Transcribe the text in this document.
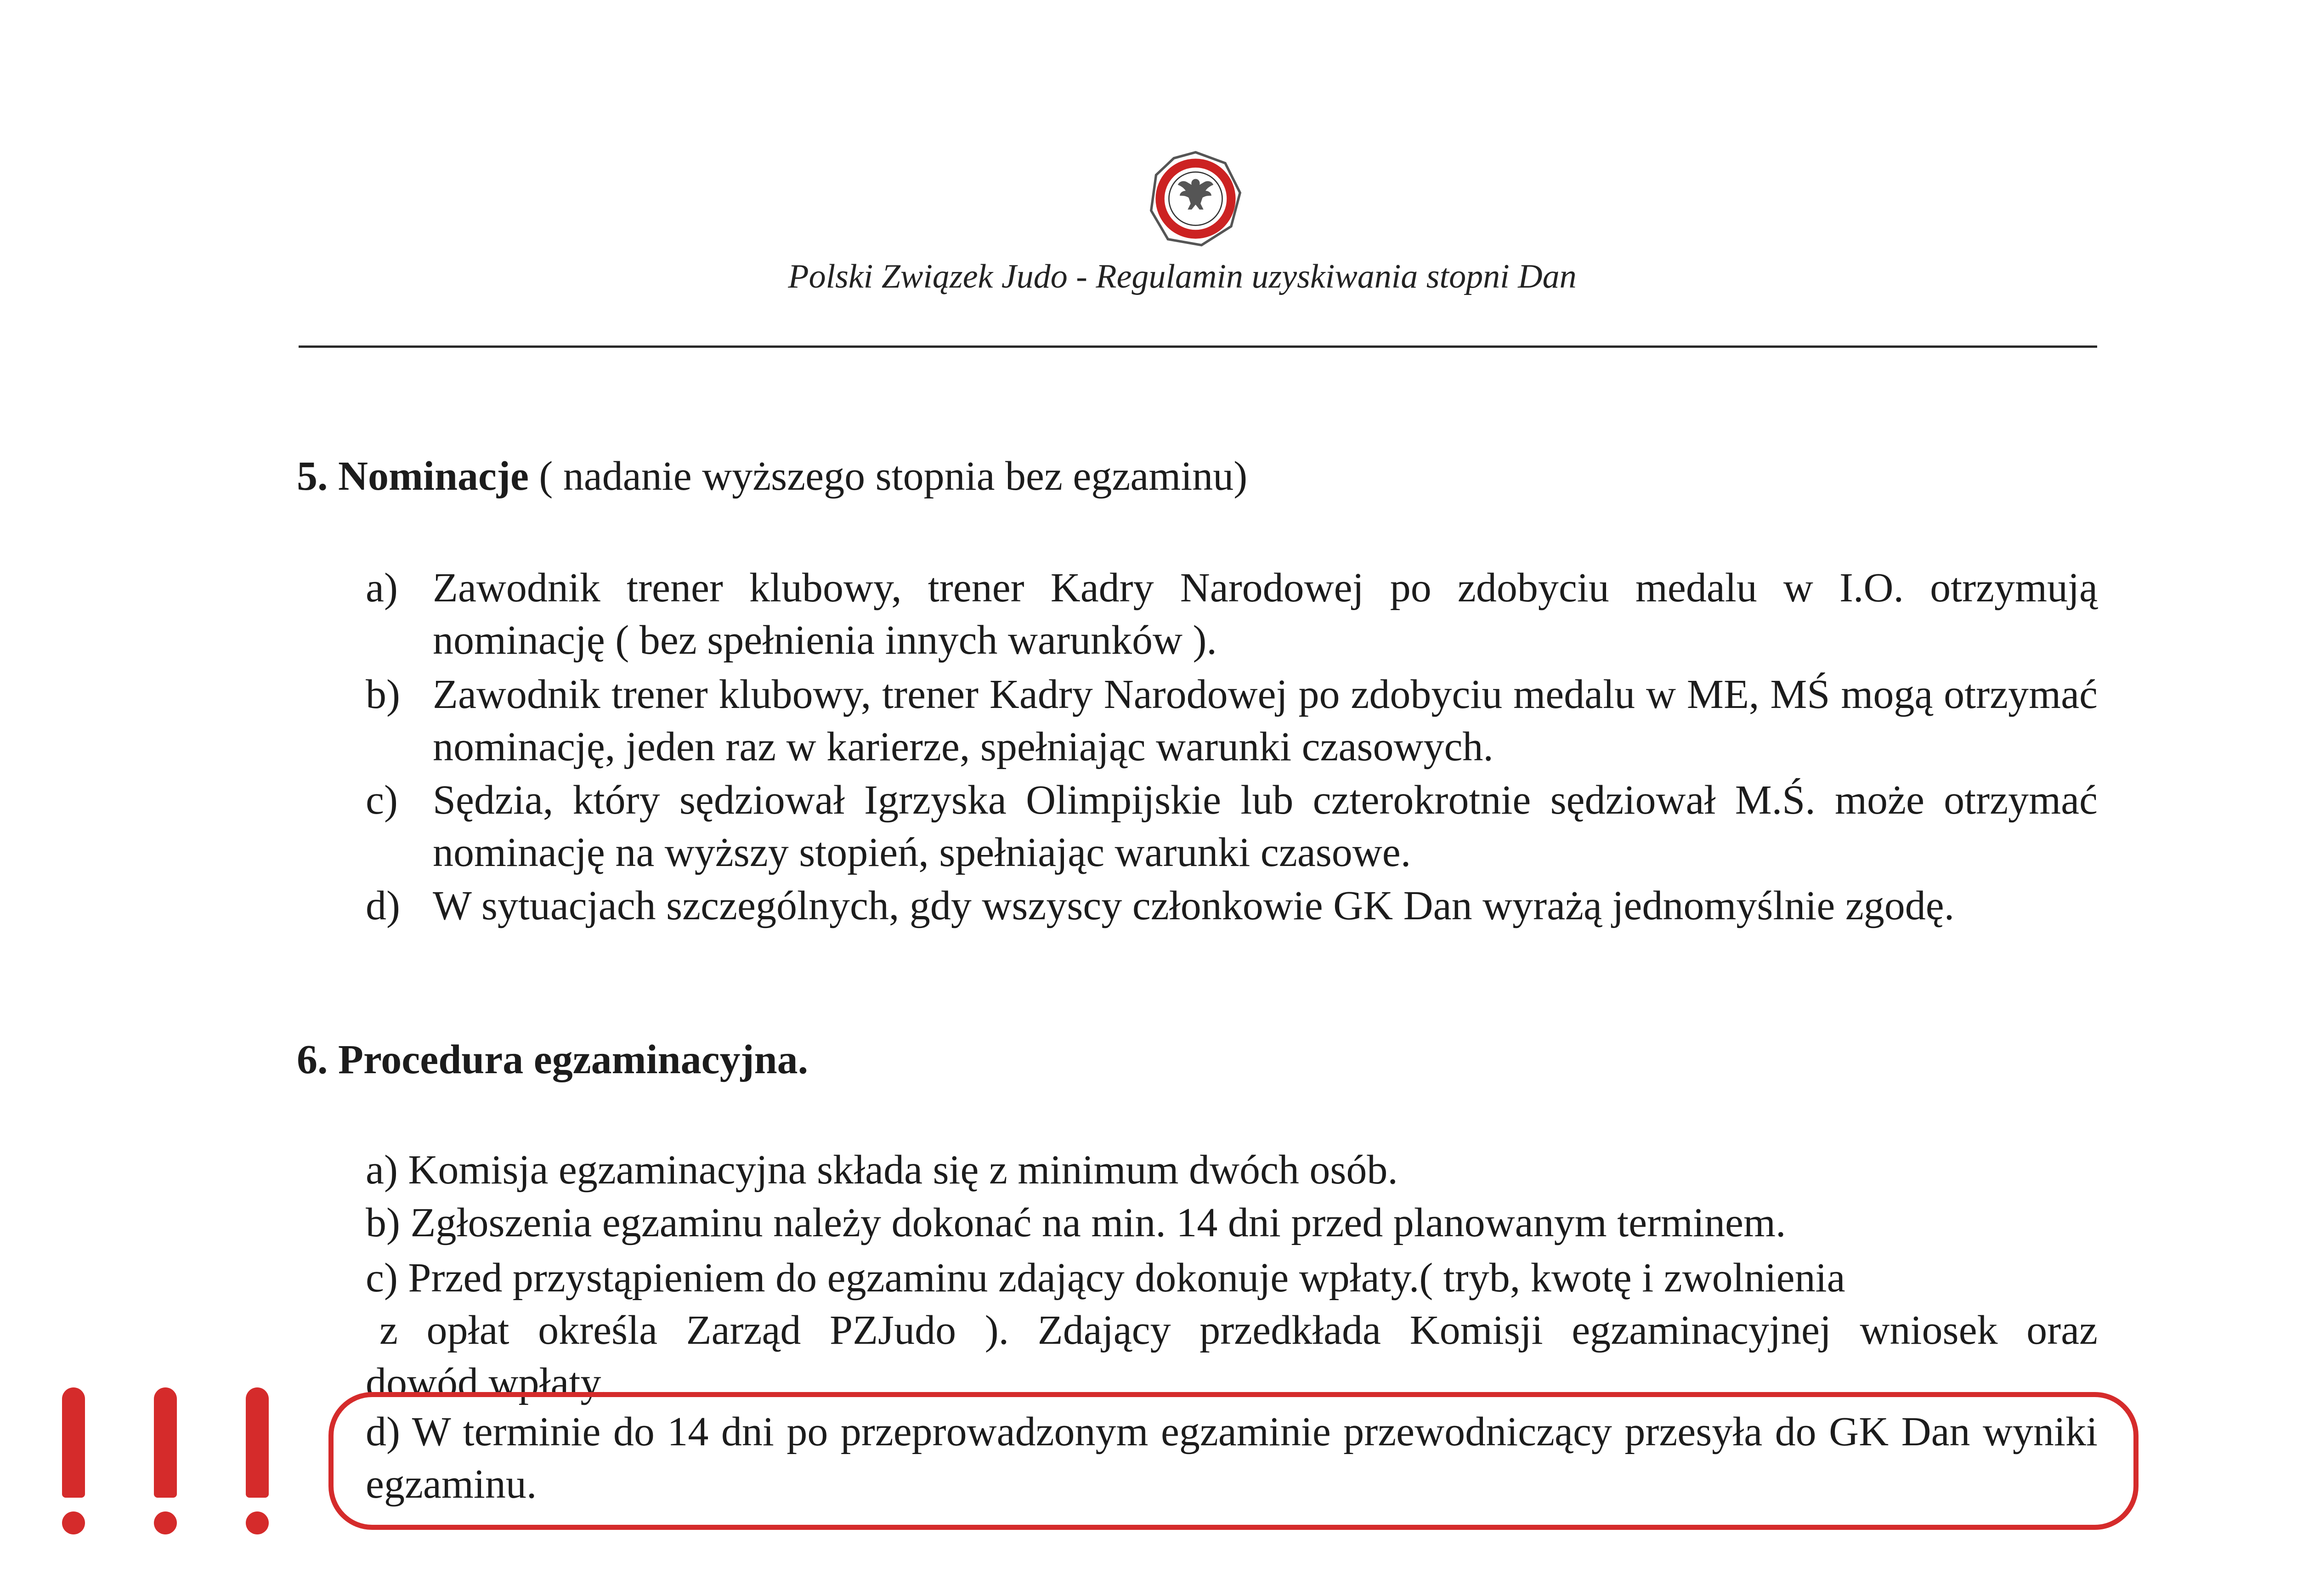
Polski Związek Judo - Regulamin uzyskiwania stopni Dan
5. Nominacje ( nadanie wyższego stopnia bez egzaminu)
a) Zawodnik trener klubowy, trener Kadry Narodowej po zdobyciu medalu w I.O. otrzymują nominację ( bez spełnienia innych warunków ).
b) Zawodnik trener klubowy, trener Kadry Narodowej po zdobyciu medalu w ME, MŚ mogą otrzymać nominację, jeden raz w karierze, spełniając warunki czasowych.
c) Sędzia, który sędziował Igrzyska Olimpijskie lub czterokrotnie sędziował M.Ś. może otrzymać nominację na wyższy stopień, spełniając warunki czasowe.
d) W sytuacjach szczególnych, gdy wszyscy członkowie GK Dan wyrażą jednomyślnie zgodę.
6. Procedura egzaminacyjna.
a) Komisja egzaminacyjna składa się z minimum dwóch osób.
b) Zgłoszenia egzaminu należy dokonać na min. 14 dni przed planowanym terminem.
c) Przed przystąpieniem do egzaminu zdający dokonuje wpłaty.( tryb, kwotę i zwolnienia
z opłat określa Zarząd PZJudo ). Zdający przedkłada Komisji egzaminacyjnej wniosek oraz
dowód wpłaty.
d) W terminie do 14 dni po przeprowadzonym egzaminie przewodniczący przesyła do GK Dan wyniki egzaminu.
